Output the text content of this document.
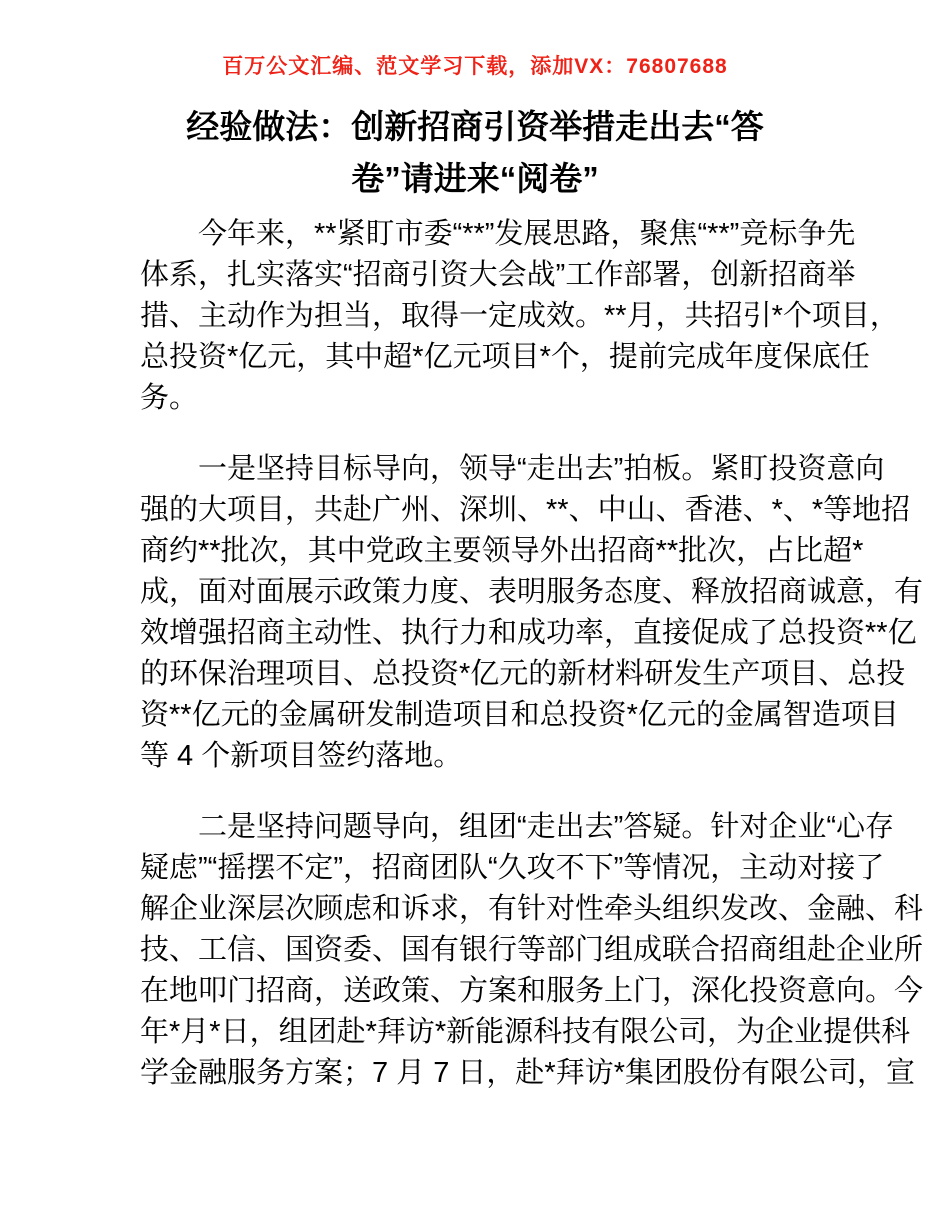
百万公文汇编、范文学习下载，添加VX：76807688
经验做法：创新招商引资举措走出去“答
卷”请进来“阅卷”
今年来，**紧盯市委“**”发展思路，聚焦“**”竞标争先
体系，扎实落实“招商引资大会战”工作部署，创新招商举
措、主动作为担当，取得一定成效。**月，共招引*个项目，
总投资*亿元，其中超*亿元项目*个，提前完成年度保底任
务。
一是坚持目标导向，领导“走出去”拍板。紧盯投资意向
强的大项目，共赴广州、深圳、**、中山、香港、*、*等地招
商约**批次，其中党政主要领导外出招商**批次，占比超*
成，面对面展示政策力度、表明服务态度、释放招商诚意，有
效增强招商主动性、执行力和成功率，直接促成了总投资**亿
的环保治理项目、总投资*亿元的新材料研发生产项目、总投
资**亿元的金属研发制造项目和总投资*亿元的金属智造项目
等 4 个新项目签约落地。
二是坚持问题导向，组团“走出去”答疑。针对企业“心存
疑虑”“摇摆不定”，招商团队“久攻不下”等情况，主动对接了
解企业深层次顾虑和诉求，有针对性牵头组织发改、金融、科
技、工信、国资委、国有银行等部门组成联合招商组赴企业所
在地叩门招商，送政策、方案和服务上门，深化投资意向。今
年*月*日，组团赴*拜访*新能源科技有限公司，为企业提供科
学金融服务方案；7 月 7 日，赴*拜访*集团股份有限公司，宣
